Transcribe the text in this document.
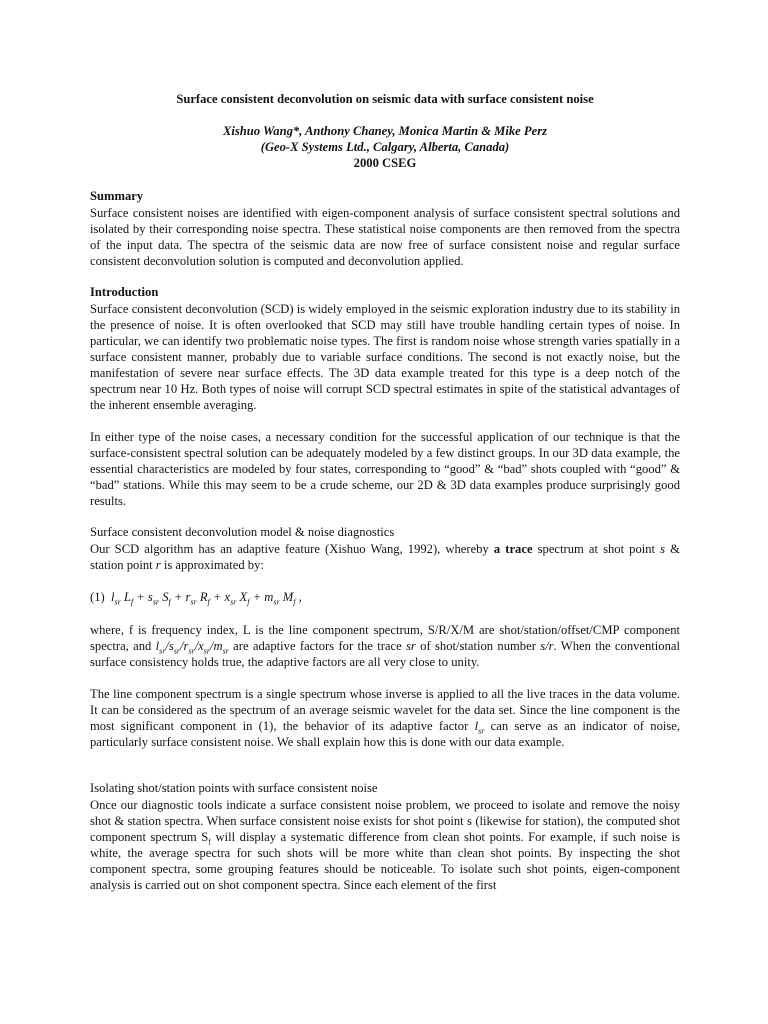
Surface consistent deconvolution on seismic data with surface consistent noise
Xishuo Wang*, Anthony Chaney, Monica Martin & Mike Perz
(Geo-X Systems Ltd., Calgary, Alberta, Canada)
2000 CSEG
Summary

Surface consistent noises are identified with eigen-component analysis of surface consistent spectral solutions and isolated by their corresponding noise spectra. These statistical noise components are then removed from the spectra of the input data. The spectra of the seismic data are now free of surface consistent noise and regular surface consistent deconvolution solution is computed and deconvolution applied.

Introduction

Surface consistent deconvolution (SCD) is widely employed in the seismic exploration industry due to its stability in the presence of noise. It is often overlooked that SCD may still have trouble handling certain types of noise. In particular, we can identify two problematic noise types. The first is random noise whose strength varies spatially in a surface consistent manner, probably due to variable surface conditions. The second is not exactly noise, but the manifestation of severe near surface effects. The 3D data example treated for this type is a deep notch of the spectrum near 10 Hz. Both types of noise will corrupt SCD spectral estimates in spite of the statistical advantages of the inherent ensemble averaging.

In either type of the noise cases, a necessary condition for the successful application of our technique is that the surface-consistent spectral solution can be adequately modeled by a few distinct groups. In our 3D data example, the essential characteristics are modeled by four states, corresponding to “good” & “bad” shots coupled with “good” & “bad” stations. While this may seem to be a crude scheme, our 2D & 3D data examples produce surprisingly good results.

Surface consistent deconvolution model & noise diagnostics

Our SCD algorithm has an adaptive feature (Xishuo Wang, 1992), whereby a trace spectrum at shot point s & station point r is approximated by:

(1)  $l_{sr}$ $L_f + s_{sr}$ $S_f + r_{sr}$ $R_f + x_{sr}$ $X_f + m_{sr}$ $M_f$ ,

where, f is frequency index, L is the line component spectrum, S/R/X/M are shot/station/offset/CMP component spectra, and $l_{sr}/s_{sr}/r_{sr}/x_{sr}/m_{sr}$ are adaptive factors for the trace sr of shot/station number s/r. When the conventional surface consistency holds true, the adaptive factors are all very close to unity.

The line component spectrum is a single spectrum whose inverse is applied to all the live traces in the data volume. It can be considered as the spectrum of an average seismic wavelet for the data set. Since the line component is the most significant component in (1), the behavior of its adaptive factor $l_{sr}$ can serve as an indicator of noise, particularly surface consistent noise. We shall explain how this is done with our data example.

Isolating shot/station points with surface consistent noise

Once our diagnostic tools indicate a surface consistent noise problem, we proceed to isolate and remove the noisy shot & station spectra. When surface consistent noise exists for shot point s (likewise for station), the computed shot component spectrum $S_f$ will display a systematic difference from clean shot points. For example, if such noise is white, the average spectra for such shots will be more white than clean shot points. By inspecting the shot component spectra, some grouping features should be noticeable. To isolate such shot points, eigen-component analysis is carried out on shot component spectra. Since each element of the first
